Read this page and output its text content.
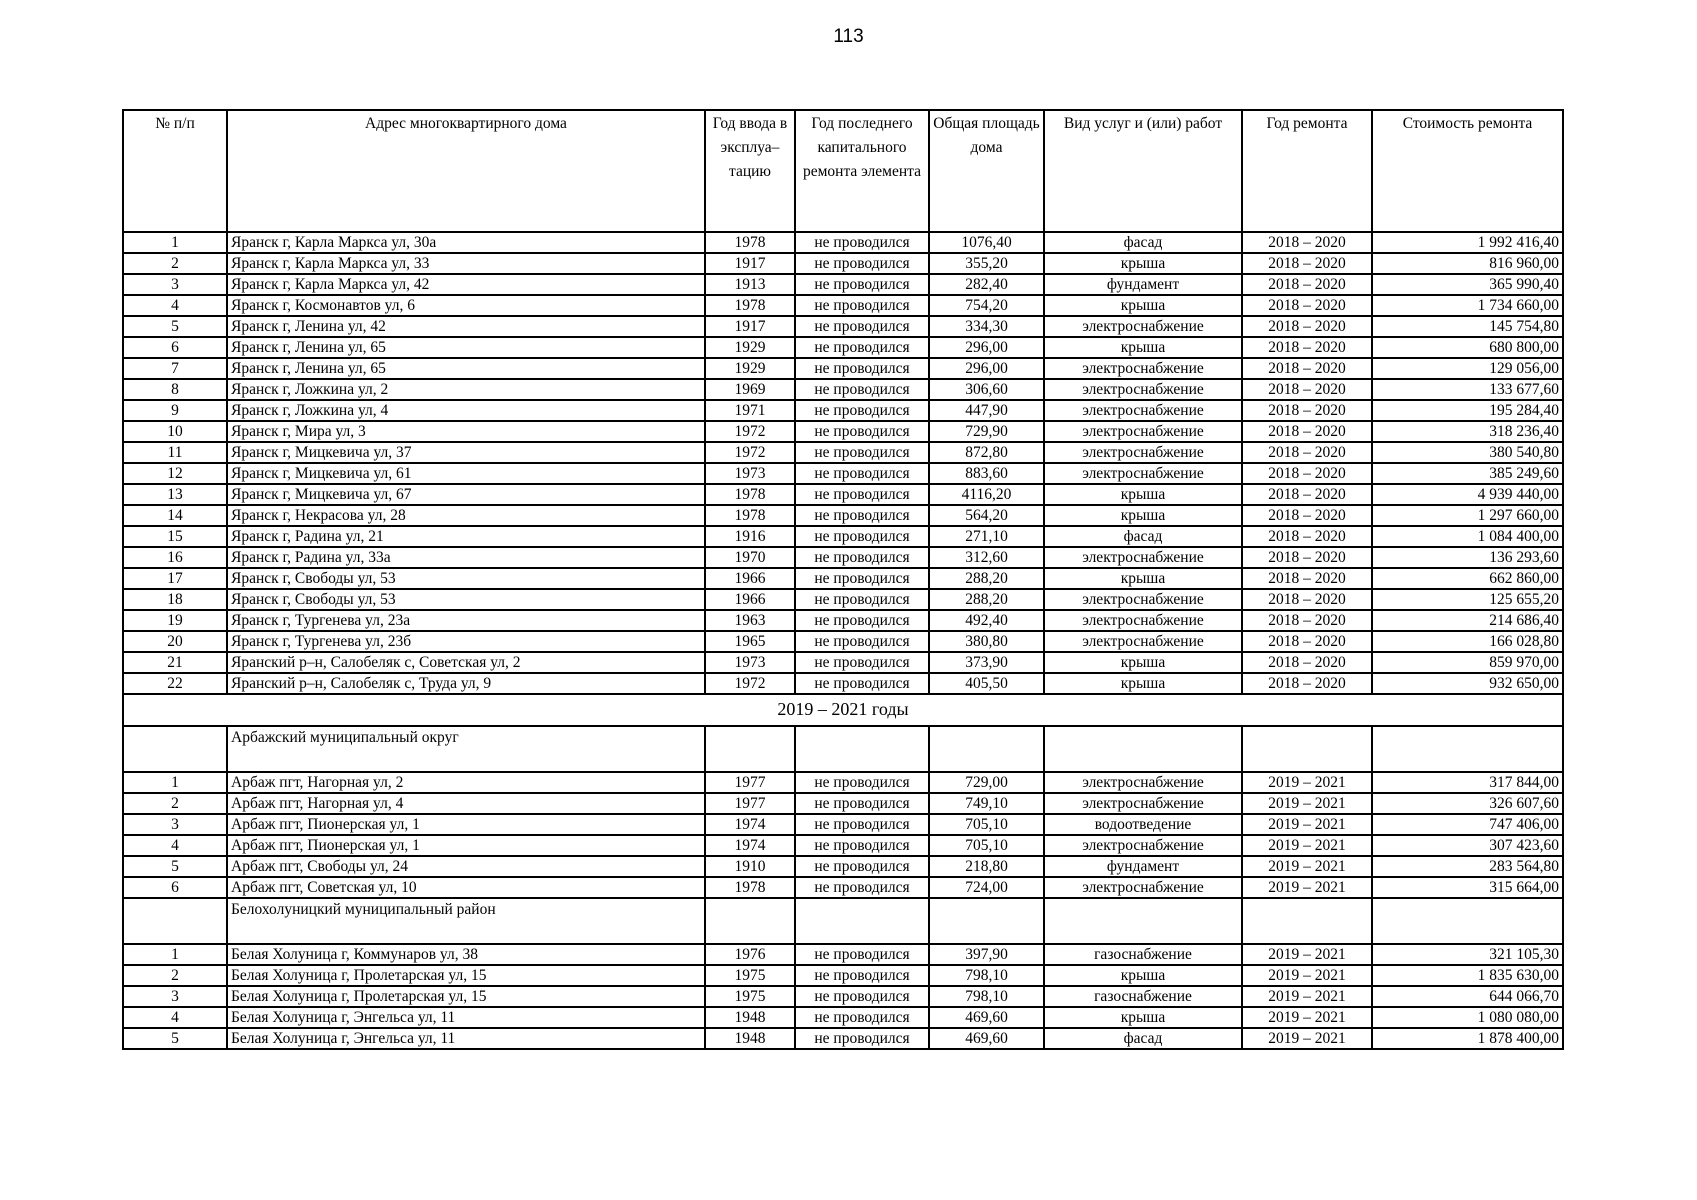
113
№ п/п	Адрес многоквартирного дома	Год ввода в эксплуа–тацию	Год последнего капитального ремонта элемента	Общая площадь дома	Вид услуг и (или) работ	Год ремонта	Стоимость ремонта
1	Яранск г, Карла Маркса ул, 30а	1978	не проводился	1076,40	фасад	2018 – 2020	1 992 416,40
2	Яранск г, Карла Маркса ул, 33	1917	не проводился	355,20	крыша	2018 – 2020	816 960,00
3	Яранск г, Карла Маркса ул, 42	1913	не проводился	282,40	фундамент	2018 – 2020	365 990,40
4	Яранск г, Космонавтов ул, 6	1978	не проводился	754,20	крыша	2018 – 2020	1 734 660,00
5	Яранск г, Ленина ул, 42	1917	не проводился	334,30	электроснабжение	2018 – 2020	145 754,80
6	Яранск г, Ленина ул, 65	1929	не проводился	296,00	крыша	2018 – 2020	680 800,00
7	Яранск г, Ленина ул, 65	1929	не проводился	296,00	электроснабжение	2018 – 2020	129 056,00
8	Яранск г, Ложкина ул, 2	1969	не проводился	306,60	электроснабжение	2018 – 2020	133 677,60
9	Яранск г, Ложкина ул, 4	1971	не проводился	447,90	электроснабжение	2018 – 2020	195 284,40
10	Яранск г, Мира ул, 3	1972	не проводился	729,90	электроснабжение	2018 – 2020	318 236,40
11	Яранск г, Мицкевича ул, 37	1972	не проводился	872,80	электроснабжение	2018 – 2020	380 540,80
12	Яранск г, Мицкевича ул, 61	1973	не проводился	883,60	электроснабжение	2018 – 2020	385 249,60
13	Яранск г, Мицкевича ул, 67	1978	не проводился	4116,20	крыша	2018 – 2020	4 939 440,00
14	Яранск г, Некрасова ул, 28	1978	не проводился	564,20	крыша	2018 – 2020	1 297 660,00
15	Яранск г, Радина ул, 21	1916	не проводился	271,10	фасад	2018 – 2020	1 084 400,00
16	Яранск г, Радина ул, 33а	1970	не проводился	312,60	электроснабжение	2018 – 2020	136 293,60
17	Яранск г, Свободы ул, 53	1966	не проводился	288,20	крыша	2018 – 2020	662 860,00
18	Яранск г, Свободы ул, 53	1966	не проводился	288,20	электроснабжение	2018 – 2020	125 655,20
19	Яранск г, Тургенева ул, 23а	1963	не проводился	492,40	электроснабжение	2018 – 2020	214 686,40
20	Яранск г, Тургенева ул, 23б	1965	не проводился	380,80	электроснабжение	2018 – 2020	166 028,80
21	Яранский р–н, Салобеляк с, Советская ул, 2	1973	не проводился	373,90	крыша	2018 – 2020	859 970,00
22	Яранский р–н, Салобеляк с, Труда ул, 9	1972	не проводился	405,50	крыша	2018 – 2020	932 650,00
2019 – 2021 годы							
	Арбажский муниципальный округ						
1	Арбаж пгт, Нагорная ул, 2	1977	не проводился	729,00	электроснабжение	2019 – 2021	317 844,00
2	Арбаж пгт, Нагорная ул, 4	1977	не проводился	749,10	электроснабжение	2019 – 2021	326 607,60
3	Арбаж пгт, Пионерская ул, 1	1974	не проводился	705,10	водоотведение	2019 – 2021	747 406,00
4	Арбаж пгт, Пионерская ул, 1	1974	не проводился	705,10	электроснабжение	2019 – 2021	307 423,60
5	Арбаж пгт, Свободы ул, 24	1910	не проводился	218,80	фундамент	2019 – 2021	283 564,80
6	Арбаж пгт, Советская ул, 10	1978	не проводился	724,00	электроснабжение	2019 – 2021	315 664,00
	Белохолуницкий муниципальный район						
1	Белая Холуница г, Коммунаров ул, 38	1976	не проводился	397,90	газоснабжение	2019 – 2021	321 105,30
2	Белая Холуница г, Пролетарская ул, 15	1975	не проводился	798,10	крыша	2019 – 2021	1 835 630,00
3	Белая Холуница г, Пролетарская ул, 15	1975	не проводился	798,10	газоснабжение	2019 – 2021	644 066,70
4	Белая Холуница г, Энгельса ул, 11	1948	не проводился	469,60	крыша	2019 – 2021	1 080 080,00
5	Белая Холуница г, Энгельса ул, 11	1948	не проводился	469,60	фасад	2019 – 2021	1 878 400,00
